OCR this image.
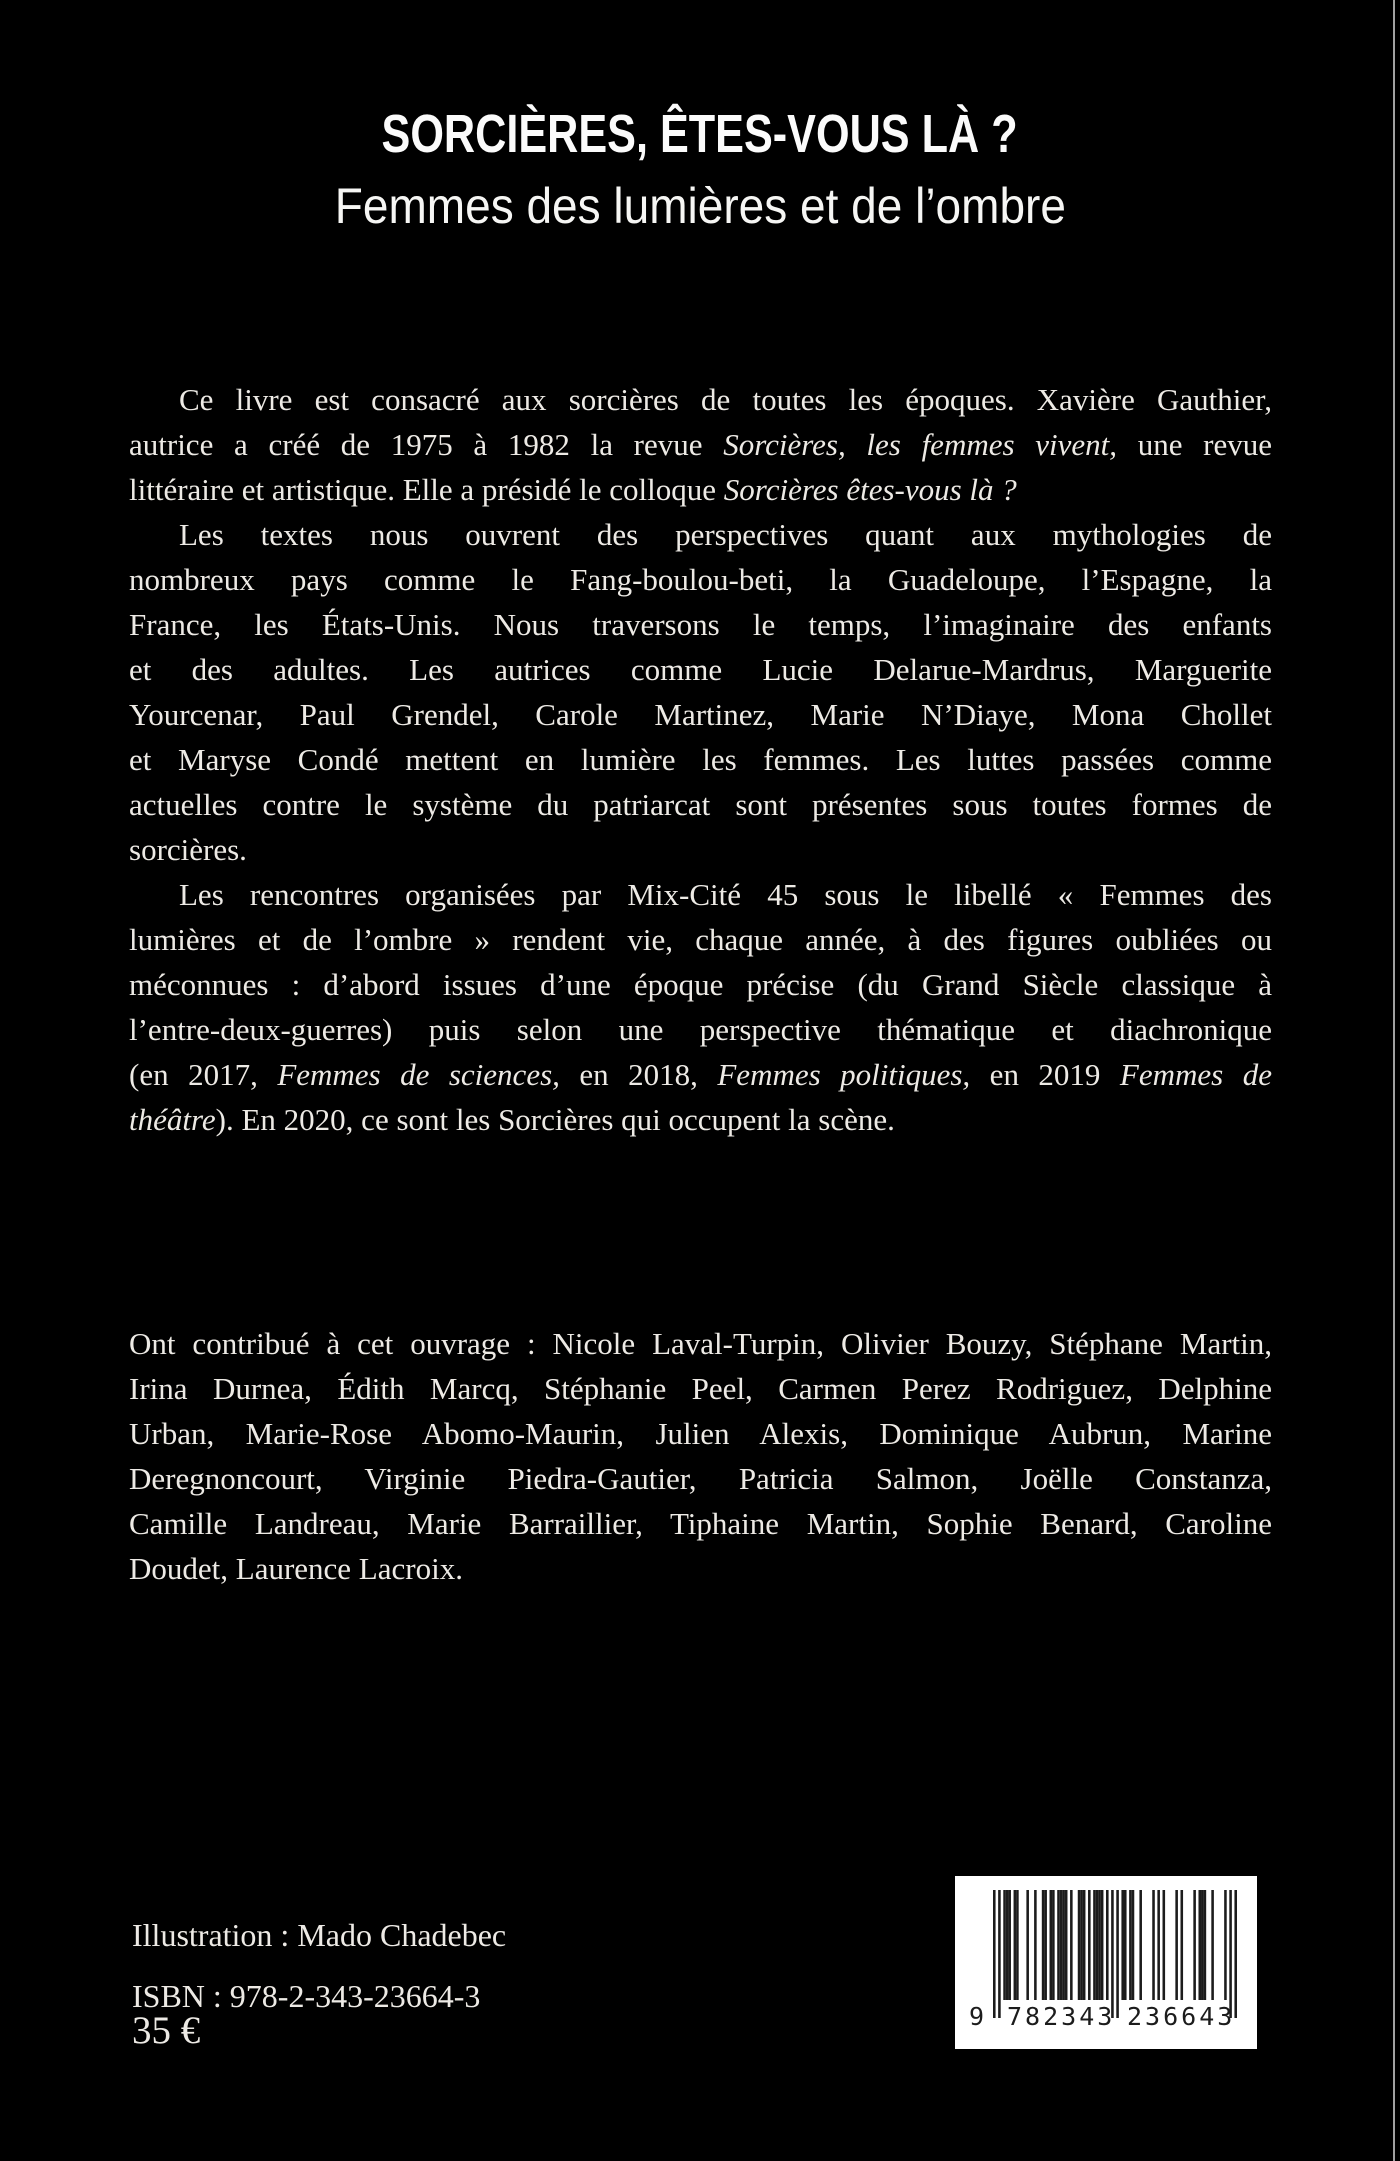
SORCIÈRES, ÊTES-VOUS LÀ ?
Femmes des lumières et de l’ombre
Ce livre est consacré aux sorcières de toutes les époques. Xavière Gauthier,
autrice a créé de 1975 à 1982 la revue Sorcières, les femmes vivent, une revue
littéraire et artistique. Elle a présidé le colloque Sorcières êtes-vous là ?
Les textes nous ouvrent des perspectives quant aux mythologies de
nombreux pays comme le Fang-boulou-beti, la Guadeloupe, l’Espagne, la
France, les États-Unis. Nous traversons le temps, l’imaginaire des enfants
et des adultes. Les autrices comme Lucie Delarue-Mardrus, Marguerite
Yourcenar, Paul Grendel, Carole Martinez, Marie N’Diaye, Mona Chollet
et Maryse Condé mettent en lumière les femmes. Les luttes passées comme
actuelles contre le système du patriarcat sont présentes sous toutes formes de
sorcières.
Les rencontres organisées par Mix-Cité 45 sous le libellé « Femmes des
lumières et de l’ombre » rendent vie, chaque année, à des figures oubliées ou
méconnues : d’abord issues d’une époque précise (du Grand Siècle classique à
l’entre-deux-guerres) puis selon une perspective thématique et diachronique
(en 2017, Femmes de sciences, en 2018, Femmes politiques, en 2019 Femmes de
théâtre). En 2020, ce sont les Sorcières qui occupent la scène.
Ont contribué à cet ouvrage : Nicole Laval-Turpin, Olivier Bouzy, Stéphane Martin,
Irina Durnea, Édith Marcq, Stéphanie Peel, Carmen Perez Rodriguez, Delphine
Urban, Marie-Rose Abomo-Maurin, Julien Alexis, Dominique Aubrun, Marine
Deregnoncourt, Virginie Piedra-Gautier, Patricia Salmon, Joëlle Constanza,
Camille Landreau, Marie Barraillier, Tiphaine Martin, Sophie Benard, Caroline
Doudet, Laurence Lacroix.
Illustration : Mado Chadebec
ISBN : 978-2-343-23664-3
35 €	9 782343 236643
